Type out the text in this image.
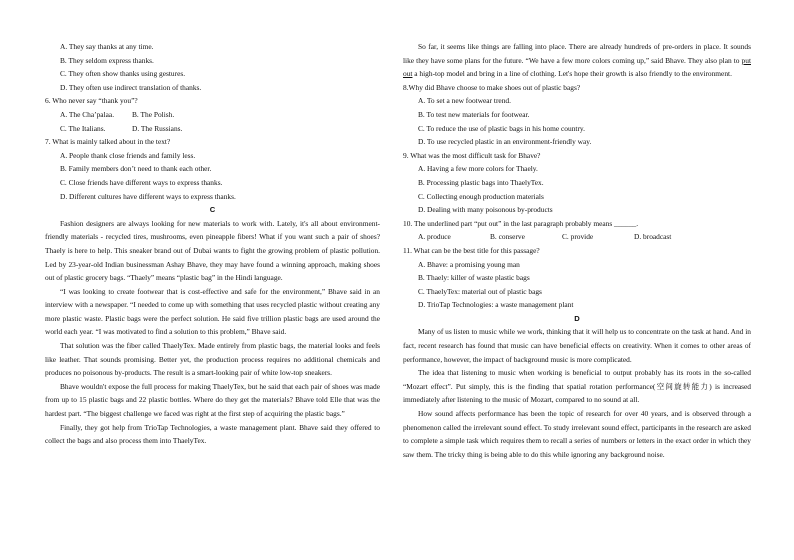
A. They say thanks at any time.
B. They seldom express thanks.
C. They often show thanks using gestures.
D. They often use indirect translation of thanks.
6. Who never say “thank you”?
A. The Cha’palaa.	B. The Polish.
C. The Italians.	D. The Russians.
7. What is mainly talked about in the text?
A. People thank close friends and family less.
B. Family members don’t need to thank each other.
C. Close friends have different ways to express thanks.
D. Different cultures have different ways to express thanks.
C

Fashion designers are always looking for new materials to work with. Lately, it's all about environment-friendly materials - recycled tires, mushrooms, even pineapple fibers! What if you want such a pair of shoes? Thaely is here to help. This sneaker brand out of Dubai wants to fight the growing problem of plastic pollution. Led by 23-year-old Indian businessman Ashay Bhave, they may have found a winning approach, making shoes out of plastic grocery bags. “Thaely” means “plastic bag” in the Hindi language.

“I was looking to create footwear that is cost-effective and safe for the environment,” Bhave said in an interview with a newspaper. “I needed to come up with something that uses recycled plastic without creating any more plastic waste. Plastic bags were the perfect solution. He said five trillion plastic bags are used around the world each year. “I was motivated to find a solution to this problem,” Bhave said.

That solution was the fiber called ThaelyTex. Made entirely from plastic bags, the material looks and feels like leather. That sounds promising. Better yet, the production process requires no additional chemicals and produces no poisonous by-products. The result is a smart-looking pair of white low-top sneakers.

Bhave wouldn't expose the full process for making ThaelyTex, but he said that each pair of shoes was made from up to 15 plastic bags and 22 plastic bottles. Where do they get the materials? Bhave told Elle that was the hardest part. “The biggest challenge we faced was right at the first step of acquiring the plastic bags.”

Finally, they got help from TrioTap Technologies, a waste management plant. Bhave said they offered to collect the bags and also process them into ThaelyTex.

So far, it seems like things are falling into place. There are already hundreds of pre-orders in place. It sounds like they have some plans for the future. “We have a few more colors coming up,” said Bhave. They also plan to put out a high-top model and bring in a line of clothing. Let's hope their growth is also friendly to the environment.

8.Why did Bhave choose to make shoes out of plastic bags?
A. To set a new footwear trend.
B. To test new materials for footwear.
C. To reduce the use of plastic bags in his home country.
D. To use recycled plastic in an environment-friendly way.
9. What was the most difficult task for Bhave?
A. Having a few more colors for Thaely.
B. Processing plastic bags into ThaelyTex.
C. Collecting enough production materials
D. Dealing with many poisonous by-products
10. The underlined part “put out” in the last paragraph probably means ______.
A. produce	B. conserve	C. provide	D. broadcast
11. What can be the best title for this passage?
A. Bhave: a promising young man
B. Thaely: killer of waste plastic bags
C. ThaelyTex: material out of plastic bags
D. TrioTap Technologies: a waste management plant
D

Many of us listen to music while we work, thinking that it will help us to concentrate on the task at hand. And in fact, recent research has found that music can have beneficial effects on creativity. When it comes to other areas of performance, however, the impact of background music is more complicated.

The idea that listening to music when working is beneficial to output probably has its roots in the so-called “Mozart effect”. Put simply, this is the finding that spatial rotation performance(空间旋转能力) is increased immediately after listening to the music of Mozart, compared to no sound at all.

How sound affects performance has been the topic of research for over 40 years, and is observed through a phenomenon called the irrelevant sound effect. To study irrelevant sound effect, participants in the research are asked to complete a simple task which requires them to recall a series of numbers or letters in the exact order in which they saw them. The tricky thing is being able to do this while ignoring any background noise.
